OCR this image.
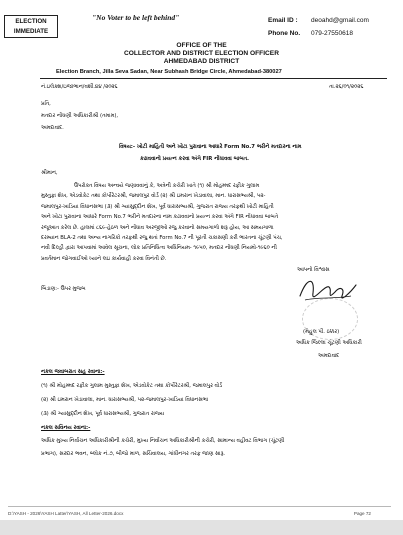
ELECTION
IMMEDIATE
"No Voter to be left behind"	Email ID : deoahd@gmail.com
Phone No. 079-27550618
OFFICE OF THE
COLLECTOR AND DISTRICT ELECTION OFFICER
AHMEDABAD DISTRICT
Election Branch, Jilla Seva Sadan, Near Subhash Bridge Circle, Ahmedabad-380027
નં.ઇલેક્શ/ઇજાભાન/વશી.૪૪ /૨૦૨૬	તા.૨૬/૦૧/૨૦૨૬
પ્રતિ,
મતદાર નોંધણી અધિકારીશ્રી (તમામ),
અમદાવાદ.
વિષય:- ખોટી માહિતી અને ખોટા પુરાવાના આધારે Form No.7 ભરીને મતદારના નામ
કઢાવવાનો પ્રયત્ન કરવા અંગે FIR નોંધાવવા બાબત.
શ્રીમાન,
ઉપરોક્ત વિષય અન્વયે જણાવવાનું કે, અત્રેની કચેરી ખાતે (૧) શ્રી મોહમ્મદ રફીક ગુલામ
મુસ્તુફા શેખ, એડવોકેટ તથા કોર્પોરેટરશ્રી, જમાલપુર વોર્ડ (૨) શ્રી ઇમરાન ખેડાવાલા, માન. ધારાસભ્યશ્રી, ૫૨-
જમાલપુર-ખાડિયા વિધાનસભા (૩) શ્રી ગ્યાસુદ્દીન શેખ, પૂર્વ ધારાસભ્યશ્રી, ગુજરાત રાજ્ય તરફથી ખોટી માહિતી
અને ખોટા પુરાવાના આધારે Form No.7 ભરીને મતદારના નામ કઢાવવાનો પ્રયત્ન કરવા અંગે FIR નોંધાવવા બાબતે
રજૂઆત કરેલ છે. હાલમાં ૮૬૯-હેઠળ અને નોંધાવ અરજીઓ રજુ કરવાનો સમયગાળો શરૂ હોય, આ સમયગાળા
દરમ્યાન BLA-2 તથા અન્ય નાગરિકો તરફથી રજુ થતાં Form No.7 ની પૂરતી ચકાસણી કરી ભારતના ચૂંટણી પંચ,
નવી દિલ્હી દ્વારા આપવામાં આવેલ સૂચના, લોક પ્રતિનિધિત્વ અધિનિયમ- ૧૯૫૦, મતદાર નોંધણી નિયમો-૧૯૬૦ ની
પ્રવર્તમાન જોગવાઈઓ ધ્યાને લઇ કાર્યવાહી કરવા વિનંતી છે.
આપનો વિશ્વાસ
બિડાણ:- ઉપર મુજબ
(મેહુલ પી. ઠક્કર)
અધિક જિલ્લા ચૂંટણી અધિકારી
અમદાવાદ
નકલ જવાબરાત સહ રવાના:-
(૧) શ્રી મોહમ્મદ રફીક ગુલામ મુસ્તુફા શેખ, એડવોકેટ તથા કોર્પોરેટરશ્રી, જમાલપુર વોર્ડ
(૨) શ્રી ઇમરાન ખેડાવાલા, માન. ધારાસભ્યશ્રી, ૫૨-જમાલપુર-ખાડિયા વિધાનસભા
(૩) શ્રી ગ્યાસુદ્દીન શેખ, પૂર્વ ધારાસભ્યશ્રી, ગુજરાત રાજ્ય
નકલ સવિનય રવાના:-
અધિક મુખ્ય નિર્વાચન અધિકારીશ્રીની કચેરી, મુખ્ય નિર્વાચન અધિકારીશ્રીની કચેરી, સામાન્ય વહીવટ વિભાગ (ચૂંટણી
પ્રભાગ), સરદાર ભવન, બ્લોક નં.૭, બીજો માળ, સચિવાલય, ગાંધીનગર તરફ જાણ સારૂ.
D:\YASH - 2026\YASH Latter\YASH, All Letter-2026.docx	Page 72
